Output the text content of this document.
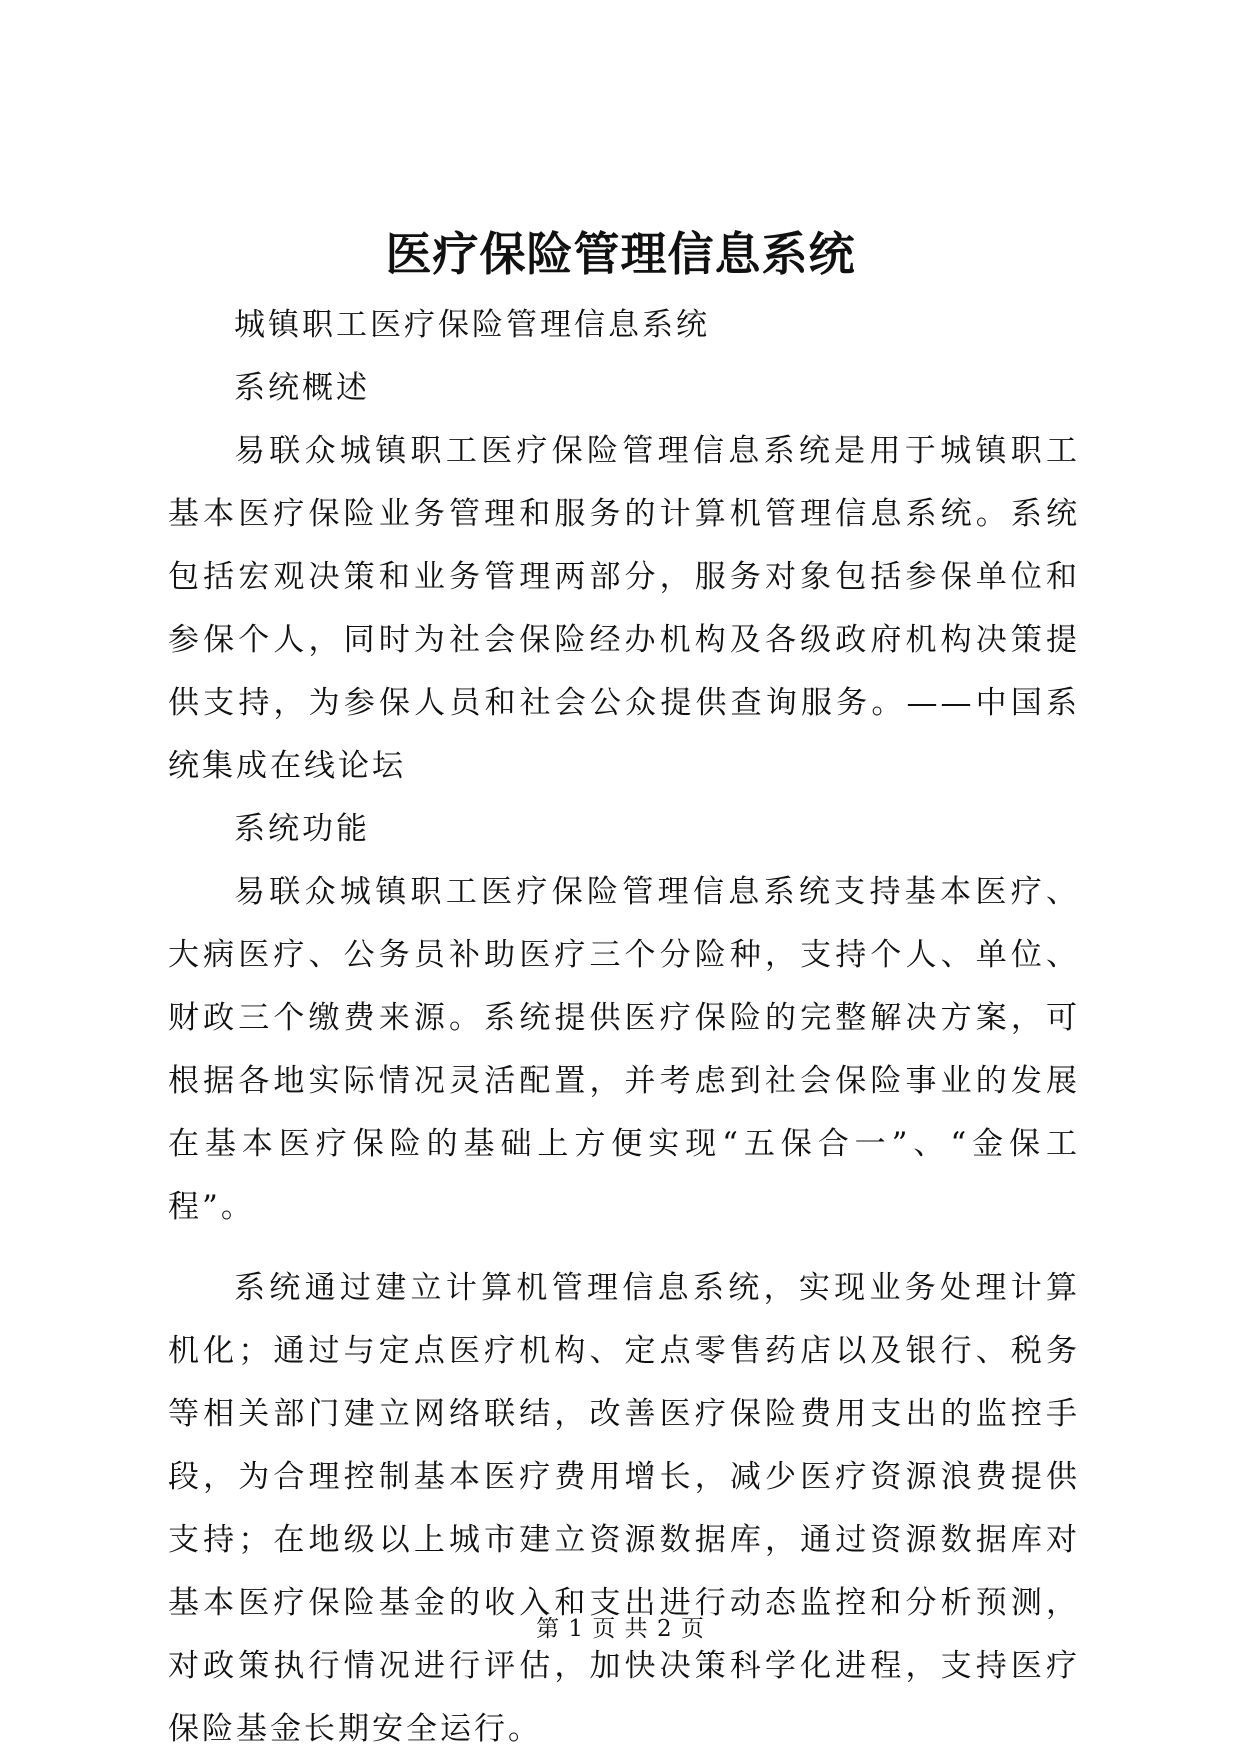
医疗保险管理信息系统

城镇职工医疗保险管理信息系统

系统概述

易联众城镇职工医疗保险管理信息系统是用于城镇职工基本医疗保险业务管理和服务的计算机管理信息系统。系统包括宏观决策和业务管理两部分，服务对象包括参保单位和参保个人，同时为社会保险经办机构及各级政府机构决策提供支持，为参保人员和社会公众提供查询服务。——中国系统集成在线论坛

系统功能

易联众城镇职工医疗保险管理信息系统支持基本医疗、大病医疗、公务员补助医疗三个分险种，支持个人、单位、财政三个缴费来源。系统提供医疗保险的完整解决方案，可根据各地实际情况灵活配置，并考虑到社会保险事业的发展在基本医疗保险的基础上方便实现“五保合一”、“金保工程”。

系统通过建立计算机管理信息系统，实现业务处理计算机化；通过与定点医疗机构、定点零售药店以及银行、税务等相关部门建立网络联结，改善医疗保险费用支出的监控手段，为合理控制基本医疗费用增长，减少医疗资源浪费提供支持；在地级以上城市建立资源数据库，通过资源数据库对基本医疗保险基金的收入和支出进行动态监控和分析预测，对政策执行情况进行评估，加快决策科学化进程，支持医疗保险基金长期安全运行。

第 1 页 共 2 页
